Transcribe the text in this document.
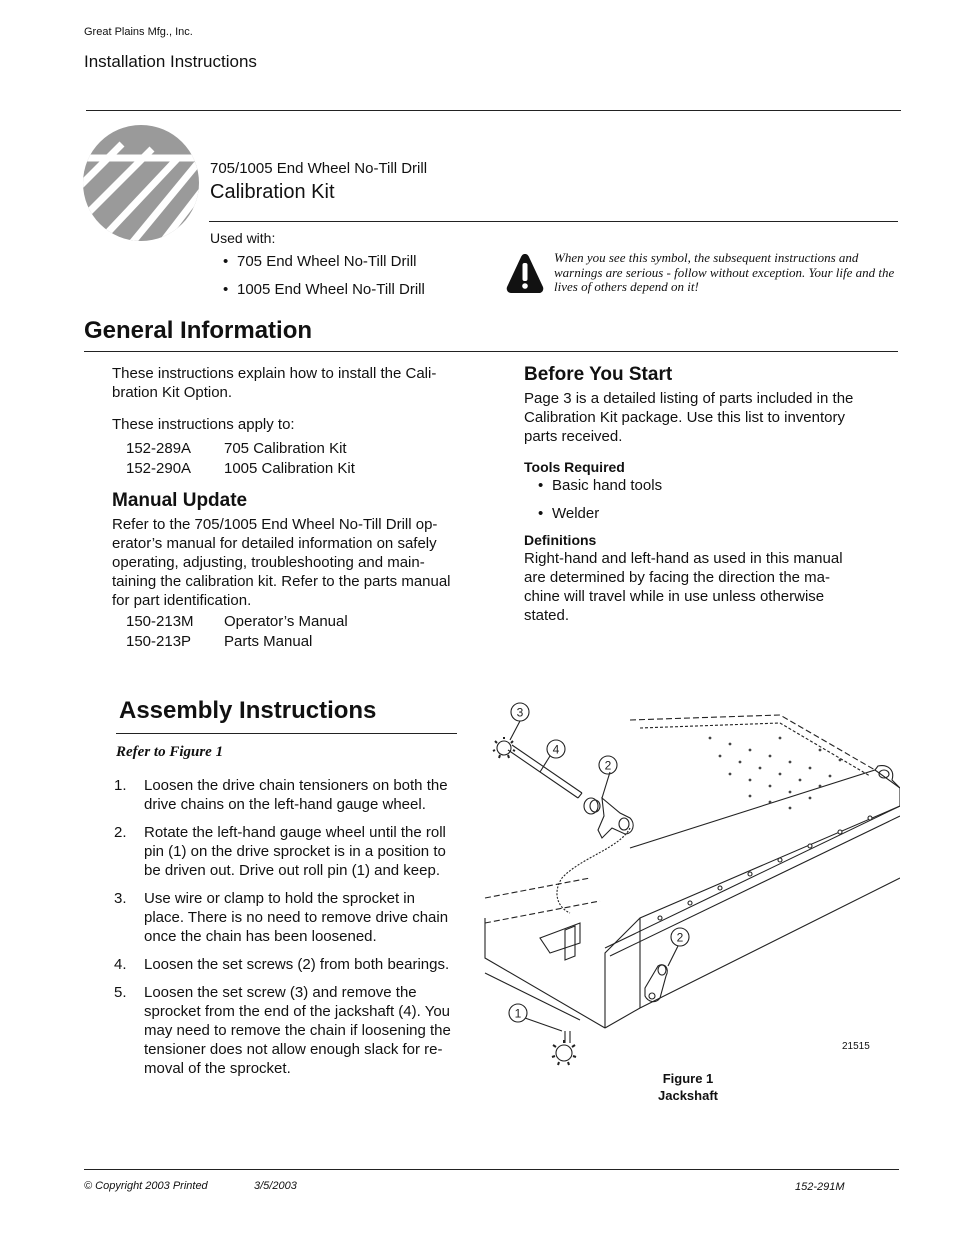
Great Plains Mfg., Inc.
Installation Instructions
705/1005 End Wheel No-Till Drill
Calibration Kit
Used with:
• 705 End Wheel No-Till Drill
• 1005 End Wheel No-Till Drill
When you see this symbol, the subsequent instructions and warnings are serious - follow without exception. Your life and the lives of others depend on it!
General Information
These instructions explain how to install the Cali-bration Kit Option.
These instructions apply to:
152-289A	705 Calibration Kit
152-290A	1005 Calibration Kit
Manual Update
Refer to the 705/1005 End Wheel No-Till Drill op-erator’s manual for detailed information on safely operating, adjusting, troubleshooting and main-taining the calibration kit. Refer to the parts manual for part identification.
150-213M	Operator’s Manual
150-213P	Parts Manual
Before You Start
Page 3 is a detailed listing of parts included in the Calibration Kit package. Use this list to inventory parts received.
Tools Required
• Basic hand tools
• Welder
Definitions
Right-hand and left-hand as used in this manual are determined by facing the direction the ma-chine will travel while in use unless otherwise stated.
Assembly Instructions
Refer to Figure 1
1.	Loosen the drive chain tensioners on both the drive chains on the left-hand gauge wheel.
2.	Rotate the left-hand gauge wheel until the roll pin (1) on the drive sprocket is in a position to be driven out. Drive out roll pin (1) and keep.
3.	Use wire or clamp to hold the sprocket in place. There is no need to remove drive chain once the chain has been loosened.
4.	Loosen the set screws (2) from both bearings.
5.	Loosen the set screw (3) and remove the sprocket from the end of the jackshaft (4). You may need to remove the chain if loosening the tensioner does not allow enough slack for re-moval of the sprocket.
3
4
2
2
1
21515
Figure 1
Jackshaft
© Copyright 2003 Printed	3/5/2003	152-291M
